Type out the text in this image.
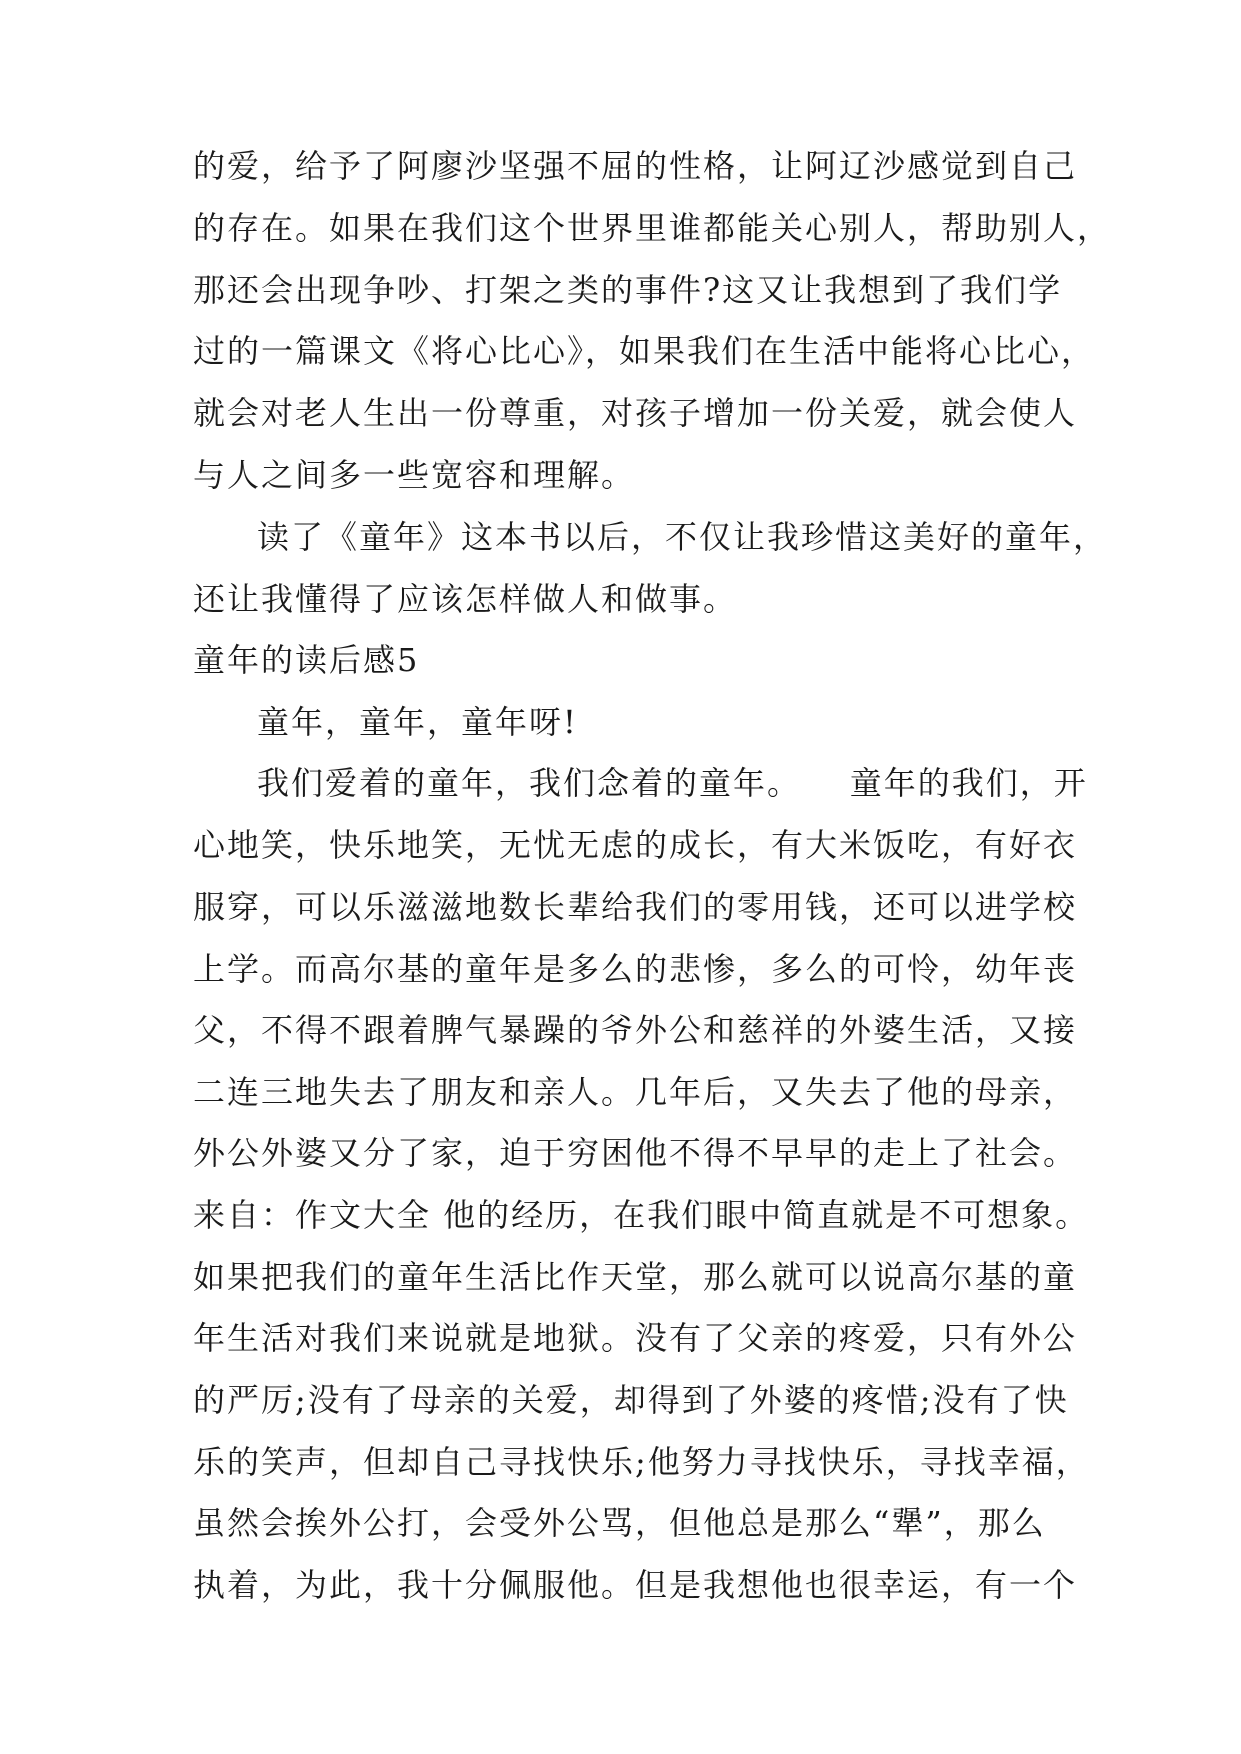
的爱，给予了阿廖沙坚强不屈的性格，让阿辽沙感觉到自己
的存在。如果在我们这个世界里谁都能关心别人，帮助别人，
那还会出现争吵、打架之类的事件?这又让我想到了我们学
过的一篇课文《将心比心》，如果我们在生活中能将心比心，
就会对老人生出一份尊重，对孩子增加一份关爱，就会使人
与人之间多一些宽容和理解。
读了《童年》这本书以后，不仅让我珍惜这美好的童年，
还让我懂得了应该怎样做人和做事。
童年的读后感5
童年，童年，童年呀!
我们爱着的童年，我们念着的童年。    童年的我们，开
心地笑，快乐地笑，无忧无虑的成长，有大米饭吃，有好衣
服穿，可以乐滋滋地数长辈给我们的零用钱，还可以进学校
上学。而高尔基的童年是多么的悲惨，多么的可怜，幼年丧
父，不得不跟着脾气暴躁的爷外公和慈祥的外婆生活，又接
二连三地失去了朋友和亲人。几年后，又失去了他的母亲，
外公外婆又分了家，迫于穷困他不得不早早的走上了社会。
来自：作文大全 他的经历，在我们眼中简直就是不可想象。
如果把我们的童年生活比作天堂，那么就可以说高尔基的童
年生活对我们来说就是地狱。没有了父亲的疼爱，只有外公
的严厉;没有了母亲的关爱，却得到了外婆的疼惜;没有了快
乐的笑声，但却自己寻找快乐;他努力寻找快乐，寻找幸福，
虽然会挨外公打，会受外公骂，但他总是那么“犟”，那么
执着，为此，我十分佩服他。但是我想他也很幸运，有一个
